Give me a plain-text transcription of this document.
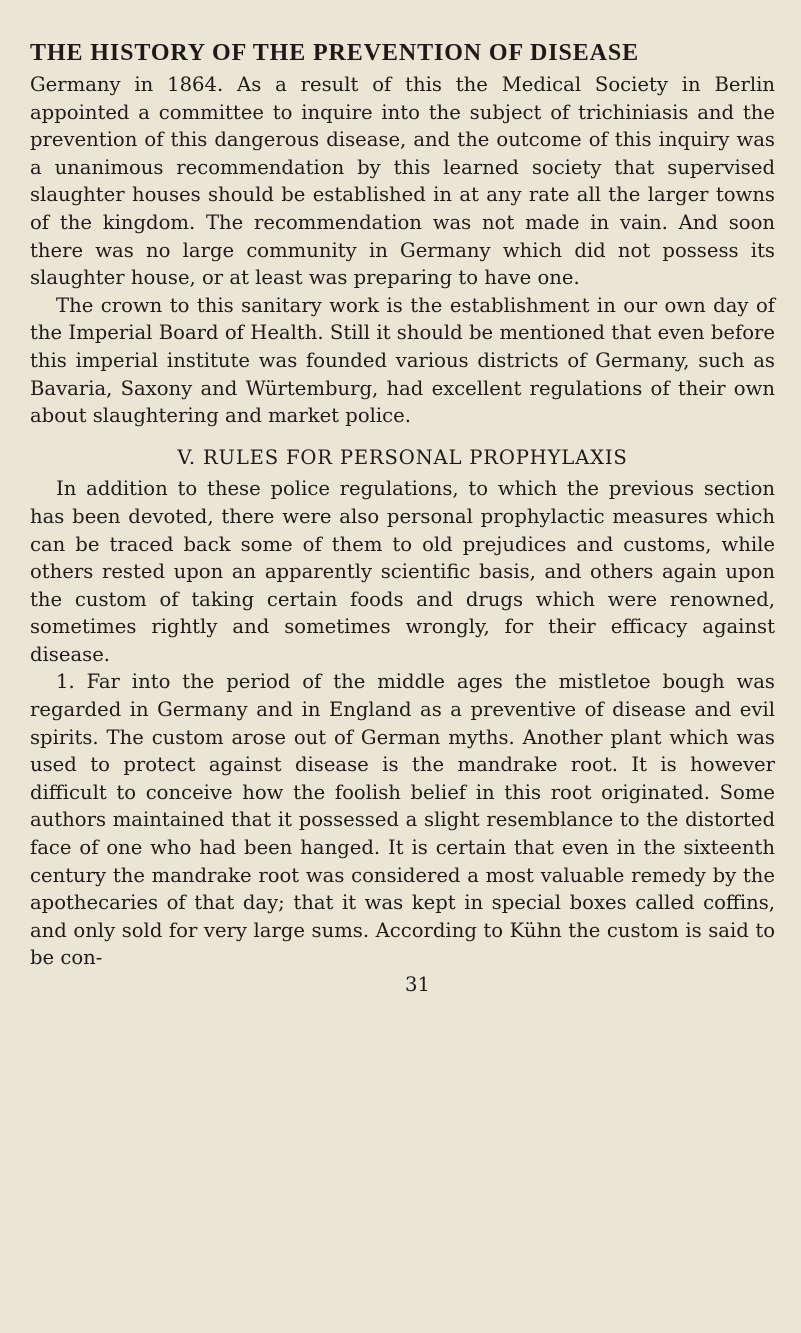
THE HISTORY OF THE PREVENTION OF DISEASE

Germany in 1864. As a result of this the Medical Society in Berlin appointed a committee to inquire into the subject of trichiniasis and the prevention of this dangerous disease, and the outcome of this inquiry was a unanimous recommendation by this learned society that supervised slaughter houses should be established in at any rate all the larger towns of the kingdom. The recommendation was not made in vain. And soon there was no large community in Germany which did not possess its slaughter house, or at least was preparing to have one.

The crown to this sanitary work is the establishment in our own day of the Imperial Board of Health. Still it should be mentioned that even before this imperial institute was founded various districts of Germany, such as Bavaria, Saxony and Würtemburg, had excellent regulations of their own about slaughtering and market police.

V. RULES FOR PERSONAL PROPHYLAXIS

In addition to these police regulations, to which the previous section has been devoted, there were also personal prophylactic measures which can be traced back some of them to old prejudices and customs, while others rested upon an apparently scientific basis, and others again upon the custom of taking certain foods and drugs which were renowned, sometimes rightly and sometimes wrongly, for their efficacy against disease.

1. Far into the period of the middle ages the mistletoe bough was regarded in Germany and in England as a preventive of disease and evil spirits. The custom arose out of German myths. Another plant which was used to protect against disease is the mandrake root. It is however difficult to conceive how the foolish belief in this root originated. Some authors maintained that it possessed a slight resemblance to the distorted face of one who had been hanged. It is certain that even in the sixteenth century the mandrake root was considered a most valuable remedy by the apothecaries of that day; that it was kept in special boxes called coffins, and only sold for very large sums. According to Kühn the custom is said to be con-

31
